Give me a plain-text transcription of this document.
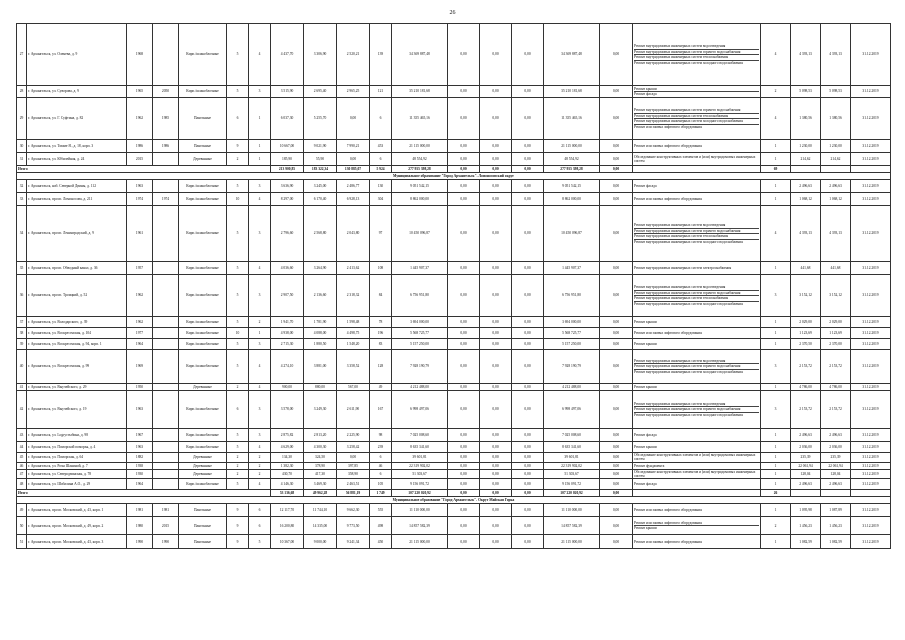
26
27	г. Архангельск, ул. Оленева, д. 9	1968		Кирп./шлакоблочные	5	4	4 437,70	3 306,90	2 520,21	139	34 369 887,48	0,00	0,00	0,00	34 369 887,48	0,00	Ремонт внутридомовых инженерных систем водоотведения
Ремонт внутридомовых инженерных систем горячего водоснабжения
Ремонт внутридомовых инженерных систем теплоснабжения
Ремонт внутридомовых инженерных систем холодного водоснабжения	4	4 393,13	4 393,13	31.12.2019
28	г. Архангельск, ул. Суворова, д. 9	1965	2050	Кирп./шлакоблочные	5	3	3 515,90	2 695,40	2 965,25	121	35 210 181,68	0,00	0,00	0,00	35 210 181,68	0,00	Ремонт крыши
Ремонт фасада	2	5 098,53	5 098,53	31.12.2019
29	г. Архангельск, ул. Г. Суфтина, д. 82	1962	1985	Панельные	6	1	6 037,30	5 255,70	0,00	6	11 355 465,16	0,00	0,00	0,00	11 355 465,16	0,00	Ремонт внутридомовых инженерных систем горячего водоснабжения
Ремонт внутридомовых инженерных систем теплоснабжения
Ремонт внутридомовых инженерных систем холодного водоснабжения
Ремонт или замена лифтового оборудования	4	1 380,56	1 380,56	31.12.2019
30	г. Архангельск, ул. Тимме Я., д. 18, корп. 3	1986	1986	Панельные	9	1	10 667,00	9 021,90	7 990,21	453	21 115 000,00	0,00	0,00	0,00	21 115 000,00	0,00	Ремонт или замена лифтового оборудования	1	1 230,00	1 230,00	31.12.2019
31	г. Архангельск, ул. Юбилейная, д. 24	2015		Деревянные	2	1	185,90	55,90	0,00	6	48 554,92	0,00	0,00	0,00	48 554,92	0,00	Обследование конструктивных элементов и (или) внутридомовых инженерных систем	1	214,62	214,62	31.12.2019
Итого							213 900,85	183 322,34	130 885,07	5 924	277 955 398,28	0,00	0,00	0,00	277 955 398,28	0,00		69			
Муниципальное образование "Город Архангельск". Ломоносовский округ																					
32	г. Архангельск, наб. Северной Двины, д. 112	1963		Кирп./шлакоблочные	5	3	3 636,90	3 245,00	2 486,77	130	9 051 542,15	0,00	0,00	0,00	9 051 542,15	0,00	Ремонт фасада	1	2 496,63	2 496,63	31.12.2019
33	г. Архангельск, просп. Ломоносова, д. 211	1974	1974	Кирп./шлакоблочные	10	4	8 297,00	6 170,40	6 928,13	304	8 862 000,00	0,00	0,00	0,00	8 862 000,00	0,00	Ремонт или замена лифтового оборудования	1	1 068,12	1 068,12	31.12.2019
34	г. Архангельск, просп. Ленинградский, д. 9	1961		Кирп./шлакоблочные	5	3	2 796,60	2 568,80	2 043,80	97	10 450 096,87	0,00	0,00	0,00	10 450 096,87	0,00	Ремонт внутридомовых инженерных систем водоотведения
Ремонт внутридомовых инженерных систем горячего водоснабжения
Ремонт внутридомовых инженерных систем теплоснабжения
Ремонт внутридомовых инженерных систем холодного водоснабжения	4	4 393,13	4 393,13	31.12.2019
35	г. Архангельск, просп. Обводный канал, д. 36	1957		Кирп./шлакоблочные	5	4	4 036,60	3 264,90	2 413,62	108	1 445 907,37	0,00	0,00	0,00	1 445 907,37	0,00	Ремонт внутридомовых инженерных систем электроснабжения	1	441,68	441,68	31.12.2019
36	г. Архангельск, просп. Троицкий, д. 52	1962		Кирп./шлакоблочные	5	3	2 907,50	2 136,60	2 318,32	84	6 756 951,80	0,00	0,00	0,00	6 756 951,80	0,00	Ремонт внутридомовых инженерных систем водоотведения
Ремонт внутридомовых инженерных систем горячего водоснабжения
Ремонт внутридомовых инженерных систем теплоснабжения
Ремонт внутридомовых инженерных систем холодного водоснабжения	3	3 152,12	3 152,12	31.12.2019
37	г. Архангельск, ул. Володарского, д. 39	1962		Кирп./шлакоблочные	5	2	1 941,70	1 781,90	1 598,48	78	3 694 000,00	0,00	0,00	0,00	3 694 000,00	0,00	Ремонт крыши	1	2 029,00	2 029,00	31.12.2019
38	г. Архангельск, ул. Воскресенская, д. 104	1977		Кирп./шлакоблочные	10	1	4 938,00	4 088,00	4 498,75	196	5 568 725,77	0,00	0,00	0,00	5 568 725,77	0,00	Ремонт или замена лифтового оборудования	1	1 123,69	1 123,69	31.12.2019
39	г. Архангельск, ул. Воскресенская, д. 94, корп. 1	1964		Кирп./шлакоблочные	5	3	2 715,30	1 880,50	1 548,20	83	5 157 250,00	0,00	0,00	0,00	5 157 250,00	0,00	Ремонт крыши	1	2 370,50	2 370,00	31.12.2019
40	г. Архангельск, ул. Воскресенская, д. 99	1969		Кирп./шлакоблочные	5	4	4 274,10	3 881,00	3 358,52	128	7 928 190,79	0,00	0,00	0,00	7 928 190,79	0,00	Ремонт внутридомовых инженерных систем водоотведения
Ремонт внутридомовых инженерных систем горячего водоснабжения
Ремонт внутридомовых инженерных систем холодного водоснабжения	3	2 153,72	2 153,72	31.12.2019
41	г. Архангельск, ул. Выучейского, д. 29	1950		Деревянные	2	4	900,00	880,00	567,00	49	4 212 488,00	0,00	0,00	0,00	4 212 488,00	0,00	Ремонт крыши	1	4 786,00	4 786,00	31.12.2019
42	г. Архангельск, ул. Выучейского, д. 19	1963		Кирп./шлакоблочные	6	3	3 578,00	3 249,30	2 611,90	167	6 998 497,06	0,00	0,00	0,00	6 998 497,06	0,00	Ремонт внутридомовых инженерных систем водоотведения
Ремонт внутридомовых инженерных систем горячего водоснабжения
Ремонт внутридомовых инженерных систем холодного водоснабжения	3	2 153,72	2 153,72	31.12.2019
43	г. Архангельск, ул. Logrустыбина, д. 98	1967		Кирп./шлакоблочные	5	3	2 875,82	2 813,20	2 225,90	98	7 025 008,60	0,00	0,00	0,00	7 025 008,60	0,00	Ремонт фасада	1	2 496,63	2 496,63	31.12.2019
44	г. Архангельск, ул. Поморской поморья, д. 4	1963		Кирп./шлакоблочные	5	4	4 629,00	4 300,30	3 258,42	239	8 635 341,60	0,00	0,00	0,00	8 635 341,60	0,00	Ремонт крыши	1	2 036,00	2 036,00	31.12.2019
45	г. Архангельск, ул. Поморская, д. 64	1882		Деревянные	2	2	134,30	324,50	0,00	6	39 601,81	0,00	0,00	0,00	39 601,81	0,00	Обследование конструктивных элементов и (или) внутридомовых инженерных систем	1	235,39	235,39	31.12.2019
46	г. Архангельск, ул. Розы Шаниной, д. 7	1938		Деревянные	2	2	1 382,30	378,90	397,85	46	22 319 902,02	0,00	0,00	0,00	22 319 902,02	0,00	Ремонт фундамента	1	22 061,94	22 061,94	31.12.2019
47	г. Архангельск, ул. Северодвинская, д. 78	1930		Деревянные	2	2	430,70	417,30	358,90	6	51 303,67	0,00	0,00	0,00	51 303,67	0,00	Обследование конструктивных элементов и (или) внутридомовых инженерных систем	1	128,04	128,04	31.12.2019
48	г. Архангельск, ул. Шабалина А.О., д. 29	1964		Кирп./шлакоблочные	5	4	4 146,30	3 469,30	2 463,51	105	9 156 091,72	0,00	0,00	0,00	9 156 091,72	0,00	Ремонт фасада	1	2 496,63	2 496,63	31.12.2019
Итого							53 136,68	49 962,28	56 881,19	1 749	107 220 020,92	0,00	0,00	0,00	107 220 020,92	0,00		26			
Муниципальное образование "Город Архангельск". Округ Майская Горка																					
49	г. Архангельск, просп. Московский, д. 43, корп. 1	1981	1981	Панельные	9	6	12 117,70	11 744,10	9 662,30	555	11 110 000,00	0,00	0,00	0,00	11 110 000,00	0,00	Ремонт или замена лифтового оборудования	1	1 095,98	1 087,89	31.12.2019
50	г. Архангельск, просп. Московский, д. 49, корп. 2	1980	2015	Панельные	9	6	16 200,80	14 335,00	9 773,50	498	14 857 582,39	0,00	0,00	0,00	14 857 582,39	0,00	Ремонт или замена лифтового оборудования
Ремонт крыши	2	1 456,23	1 456,23	31.12.2019
51	г. Архангельск, просп. Московский, д. 43, корп. 3	1990	1990	Панельные	9	5	10 367,00	9 000,00	9 241,34	450	21 115 000,00	0,00	0,00	0,00	21 115 000,00	0,00	Ремонт или замена лифтового оборудования	1	1 082,59	1 082,59	31.12.2019
